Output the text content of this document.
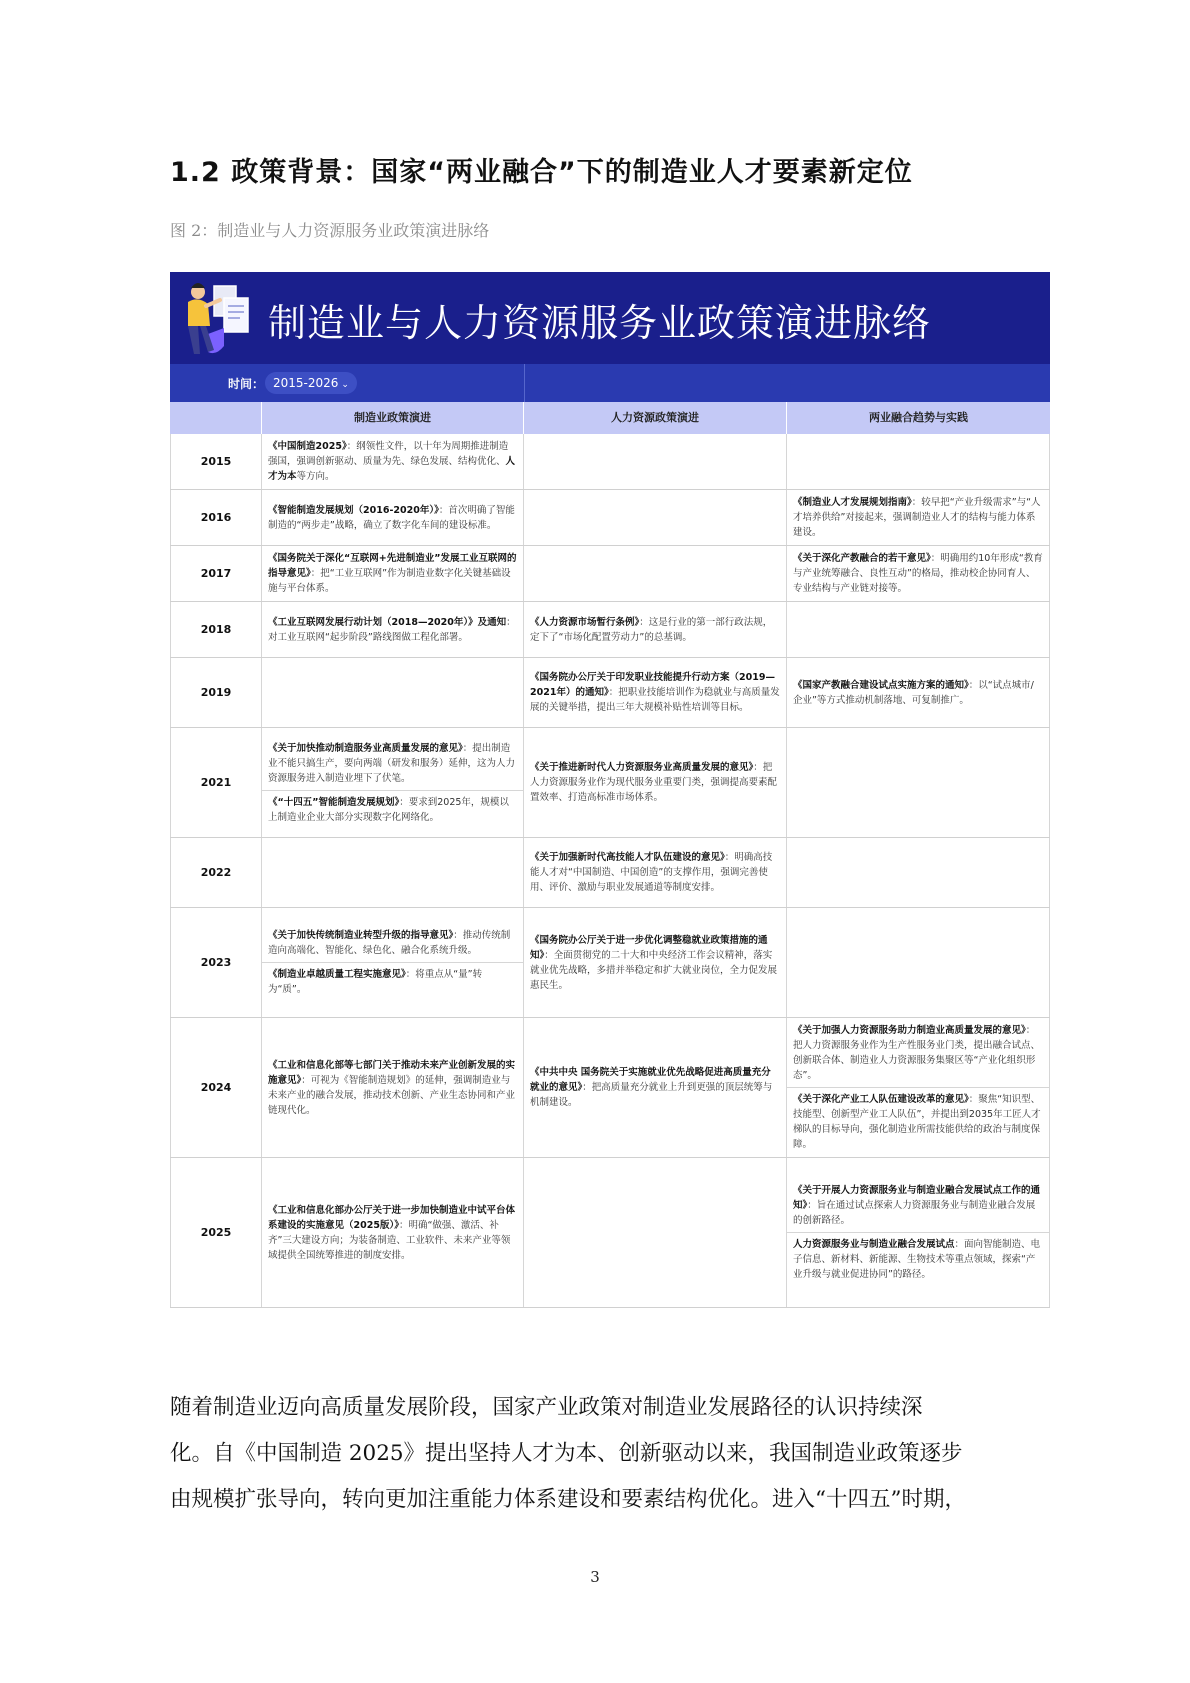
1.2 政策背景：国家“两业融合”下的制造业人才要素新定位
图 2：制造业与人力资源服务业政策演进脉络
制造业与人力资源服务业政策演进脉络
时间： 2015-2026 ⌄
制造业政策演进	人力资源政策演进	两业融合趋势与实践
2015
《中国制造2025》：纲领性文件，以十年为周期推进制造强国，强调创新驱动、质量为先、绿色发展、结构优化、人才为本等方向。
2016
《智能制造发展规划（2016-2020年）》：首次明确了智能制造的“两步走”战略，确立了数字化车间的建设标准。
《制造业人才发展规划指南》：较早把“产业升级需求”与“人才培养供给”对接起来，强调制造业人才的结构与能力体系建设。
2017
《国务院关于深化“互联网+先进制造业”发展工业互联网的指导意见》：把“工业互联网”作为制造业数字化关键基础设施与平台体系。
《关于深化产教融合的若干意见》：明确用约10年形成“教育与产业统筹融合、良性互动”的格局，推动校企协同育人、专业结构与产业链对接等。
2018
《工业互联网发展行动计划（2018—2020年）》及通知：对工业互联网“起步阶段”路线图做工程化部署。
《人力资源市场暂行条例》：这是行业的第一部行政法规，定下了“市场化配置劳动力”的总基调。
2019
《国务院办公厅关于印发职业技能提升行动方案（2019—2021年）的通知》：把职业技能培训作为稳就业与高质量发展的关键举措，提出三年大规模补贴性培训等目标。
《国家产教融合建设试点实施方案的通知》：以“试点城市/企业”等方式推动机制落地、可复制推广。
2021
《关于加快推动制造服务业高质量发展的意见》：提出制造业不能只搞生产，要向两端（研发和服务）延伸，这为人力资源服务进入制造业埋下了伏笔。
《“十四五”智能制造发展规划》：要求到2025年，规模以上制造业企业大部分实现数字化网络化。
《关于推进新时代人力资源服务业高质量发展的意见》：把人力资源服务业作为现代服务业重要门类，强调提高要素配置效率、打造高标准市场体系。
2022
《关于加强新时代高技能人才队伍建设的意见》：明确高技能人才对“中国制造、中国创造”的支撑作用，强调完善使用、评价、激励与职业发展通道等制度安排。
2023
《关于加快传统制造业转型升级的指导意见》：推动传统制造向高端化、智能化、绿色化、融合化系统升级。
《制造业卓越质量工程实施意见》：将重点从“量”转为“质”。
《国务院办公厅关于进一步优化调整稳就业政策措施的通知》：全面贯彻党的二十大和中央经济工作会议精神，落实就业优先战略，多措并举稳定和扩大就业岗位，全力促发展惠民生。
2024
《工业和信息化部等七部门关于推动未来产业创新发展的实施意见》：可视为《智能制造规划》的延伸，强调制造业与未来产业的融合发展，推动技术创新、产业生态协同和产业链现代化。
《中共中央 国务院关于实施就业优先战略促进高质量充分就业的意见》：把高质量充分就业上升到更强的顶层统筹与机制建设。
《关于加强人力资源服务助力制造业高质量发展的意见》：把人力资源服务业作为生产性服务业门类，提出融合试点、创新联合体、制造业人力资源服务集聚区等“产业化组织形态”。
《关于深化产业工人队伍建设改革的意见》：聚焦“知识型、技能型、创新型产业工人队伍”，并提出到2035年工匠人才梯队的目标导向，强化制造业所需技能供给的政治与制度保障。
2025
《工业和信息化部办公厅关于进一步加快制造业中试平台体系建设的实施意见（2025版）》：明确“做强、激活、补齐”三大建设方向；为装备制造、工业软件、未来产业等领域提供全国统筹推进的制度安排。
《关于开展人力资源服务业与制造业融合发展试点工作的通知》：旨在通过试点探索人力资源服务业与制造业融合发展的创新路径。
人力资源服务业与制造业融合发展试点：面向智能制造、电子信息、新材料、新能源、生物技术等重点领域，探索“产业升级与就业促进协同”的路径。
随着制造业迈向高质量发展阶段，国家产业政策对制造业发展路径的认识持续深
化。自《中国制造 2025》提出坚持人才为本、创新驱动以来，我国制造业政策逐步
由规模扩张导向，转向更加注重能力体系建设和要素结构优化。进入“十四五”时期，
3
